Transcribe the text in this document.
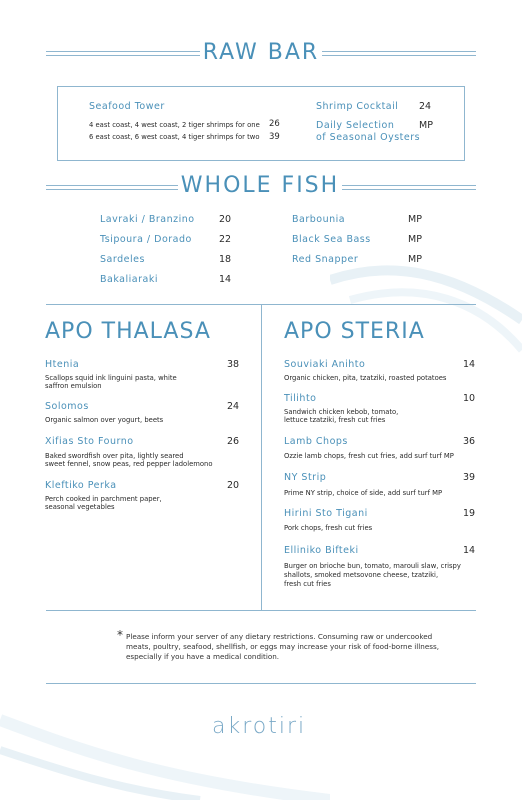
RAW BAR
Seafood Tower
4 east coast, 4 west coast, 2 tiger shrimps for one 26
6 east coast, 6 west coast, 4 tiger shrimps for two 39
Shrimp Cocktail 24
Daily Selection
of Seasonal Oysters
MP
WHOLE FISH
Lavraki / Branzino	20
Tsipoura / Dorado	22
Sardeles	18
Bakaliaraki	14
Barbounia	MP
Black Sea Bass	MP
Red Snapper	MP
APO THALASA
Htenia	38
Scallops squid ink linguini pasta, white
saffron emulsion
Solomos	24
Organic salmon over yogurt, beets
Xifias Sto Fourno	26
Baked swordfish over pita, lightly seared
sweet fennel, snow peas, red pepper ladolemono
Kleftiko Perka	20
Perch cooked in parchment paper,
seasonal vegetables
APO STERIA
Souviaki Anihto	14
Organic chicken, pita, tzatziki, roasted potatoes
Tilihto	10
Sandwich chicken kebob, tomato,
lettuce tzatziki, fresh cut fries
Lamb Chops	36
Ozzie lamb chops, fresh cut fries, add surf turf MP
NY Strip	39
Prime NY strip, choice of side, add surf turf MP
Hirini Sto Tigani	19
Pork chops, fresh cut fries
Elliniko Bifteki	14
Burger on brioche bun, tomato, marouli slaw, crispy
shallots, smoked metsovone cheese, tzatziki,
fresh cut fries
* Please inform your server of any dietary restrictions. Consuming raw or undercooked
meats, poultry, seafood, shellfish, or eggs may increase your risk of food-borne illness,
especially if you have a medical condition.
akrotiri
